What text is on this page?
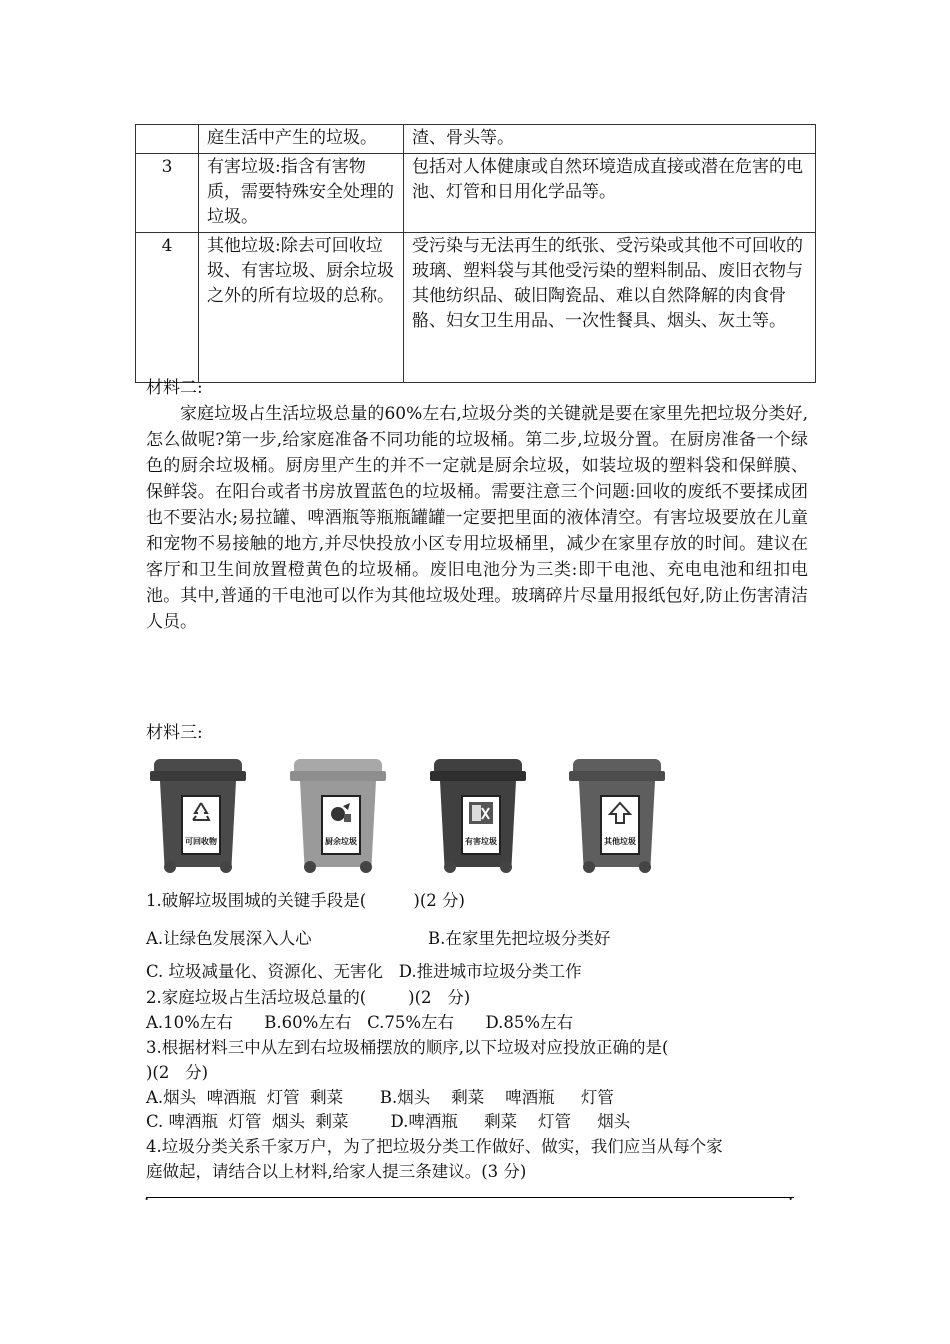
	庭生活中产生的垃圾。	渣、骨头等。
3	有害垃圾:指含有害物质，需要特殊安全处理的垃圾。	包括对人体健康或自然环境造成直接或潜在危害的电池、灯管和日用化学品等。
4	其他垃圾:除去可回收垃圾、有害垃圾、厨余垃圾之外的所有垃圾的总称。	受污染与无法再生的纸张、受污染或其他不可回收的玻璃、塑料袋与其他受污染的塑料制品、废旧衣物与其他纺织品、破旧陶瓷品、难以自然降解的肉食骨骼、妇女卫生用品、一次性餐具、烟头、灰土等。
材料二:
家庭垃圾占生活垃圾总量的60%左右,垃圾分类的关键就是要在家里先把垃圾分类好,怎么做呢?第一步,给家庭准备不同功能的垃圾桶。第二步,垃圾分置。在厨房准备一个绿色的厨余垃圾桶。厨房里产生的并不一定就是厨余垃圾，如装垃圾的塑料袋和保鲜膜、保鲜袋。在阳台或者书房放置蓝色的垃圾桶。需要注意三个问题:回收的废纸不要揉成团也不要沾水;易拉罐、啤酒瓶等瓶瓶罐罐一定要把里面的液体清空。有害垃圾要放在儿童和宠物不易接触的地方,并尽快投放小区专用垃圾桶里，减少在家里存放的时间。建议在客厅和卫生间放置橙黄色的垃圾桶。废旧电池分为三类:即干电池、充电电池和纽扣电池。其中,普通的干电池可以作为其他垃圾处理。玻璃碎片尽量用报纸包好,防止伤害清洁人员。
材料三:
可回收物	厨余垃圾	有害垃圾	其他垃圾
1.破解垃圾围城的关键手段是(         )(2 分)
A.让绿色发展深入人心	B.在家里先把垃圾分类好
C. 垃圾减量化、资源化、无害化   D.推进城市垃圾分类工作
2.家庭垃圾占生活垃圾总量的(        )(2   分)
A.10%左右      B.60%左右   C.75%左右      D.85%左右
3.根据材料三中从左到右垃圾桶摆放的顺序,以下垃圾对应投放正确的是(
)(2   分)
A.烟头  啤酒瓶  灯管  剩菜       B.烟头    剩菜    啤酒瓶     灯管
C. 啤酒瓶  灯管  烟头  剩菜        D.啤酒瓶     剩菜    灯管     烟头
4.垃圾分类关系千家万户，为了把垃圾分类工作做好、做实，我们应当从每个家
庭做起，请结合以上材料,给家人提三条建议。(3 分)
.	.
